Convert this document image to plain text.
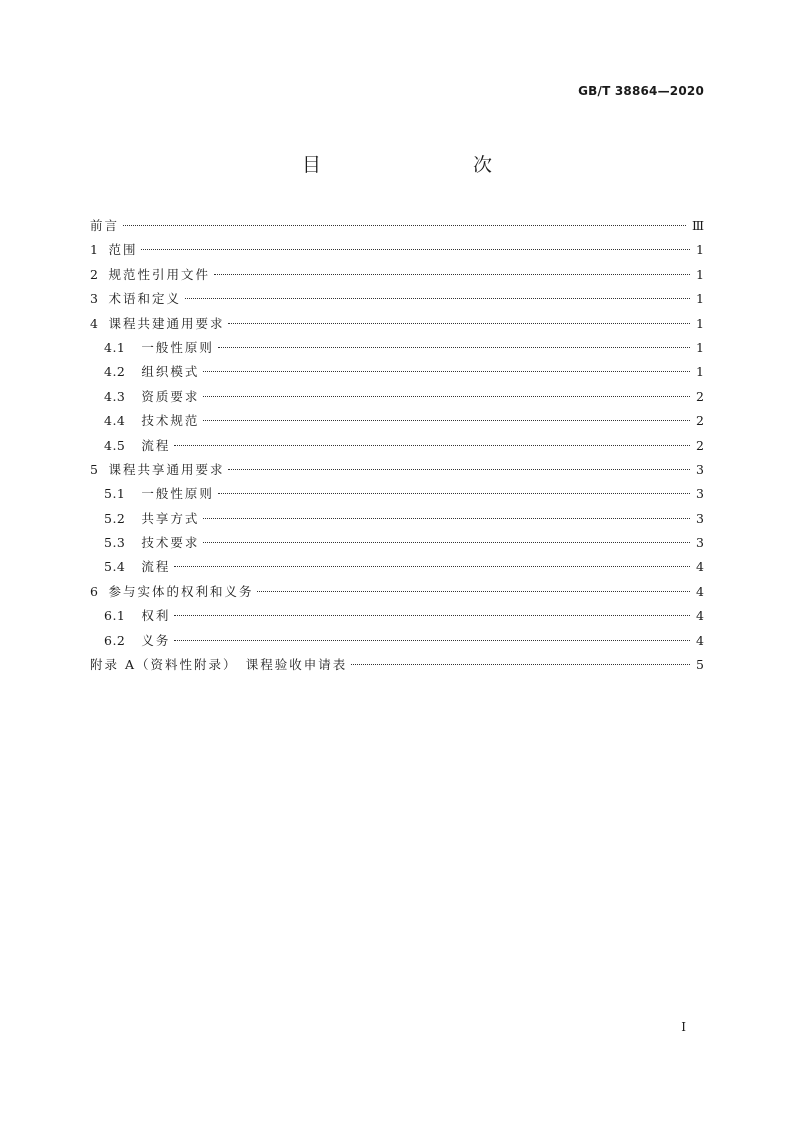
GB/T 38864—2020
目　　次
前言	Ⅲ
1 范围	1
2 规范性引用文件	1
3 术语和定义	1
4 课程共建通用要求	1
4.1	一般性原则	1
4.2	组织模式	1
4.3	资质要求	2
4.4	技术规范	2
4.5	流程	2
5 课程共享通用要求	3
5.1	一般性原则	3
5.2	共享方式	3
5.3	技术要求	3
5.4	流程	4
6 参与实体的权利和义务	4
6.1	权利	4
6.2	义务	4
附录 A（资料性附录）　课程验收申请表	5
Ⅰ
